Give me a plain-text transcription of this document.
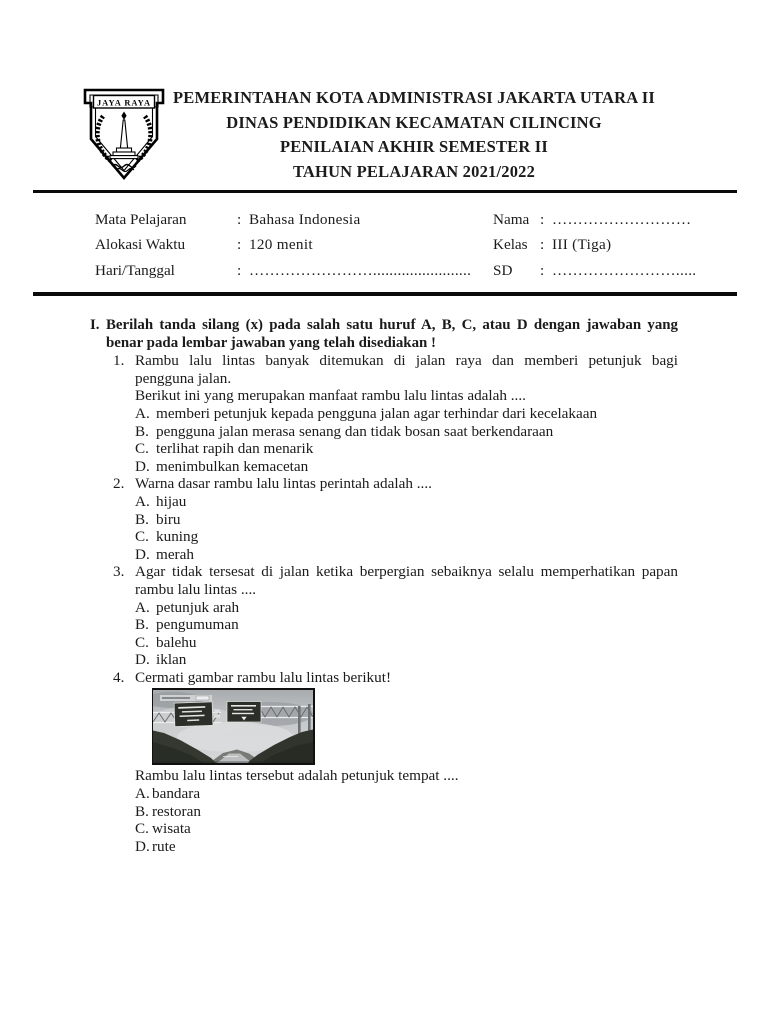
JAYA RAYA	PEMERINTAHAN KOTA ADMINISTRASI JAKARTA UTARA II
DINAS PENDIDIKAN KECAMATAN CILINCING
PENILAIAN AKHIR SEMESTER II
TAHUN PELAJARAN 2021/2022
Mata Pelajaran	: Bahasa Indonesia
Alokasi Waktu	: 120 menit
Hari/Tanggal	: ……………………........................
Nama : ………………………
Kelas : III (Tiga)
SD	: …………………….....
I. Berilah tanda silang (x) pada salah satu huruf A, B, C, atau D dengan jawaban yang
benar pada lembar jawaban yang telah disediakan !
1. Rambu lalu lintas banyak ditemukan di jalan raya dan memberi petunjuk bagi
pengguna jalan.
Berikut ini yang merupakan manfaat rambu lalu lintas adalah ....
A. memberi petunjuk kepada pengguna jalan agar terhindar dari kecelakaan
B. pengguna jalan merasa senang dan tidak bosan saat berkendaraan
C. terlihat rapih dan menarik
D. menimbulkan kemacetan
2. Warna dasar rambu lalu lintas perintah adalah ....
A. hijau
B. biru
C. kuning
D. merah
3. Agar tidak tersesat di jalan ketika berpergian sebaiknya selalu memperhatikan papan
rambu lalu lintas ....
A. petunjuk arah
B. pengumuman
C. balehu
D. iklan
4. Cermati gambar rambu lalu lintas berikut!
Rambu lalu lintas tersebut adalah petunjuk tempat ....
A. bandara
B. restoran
C. wisata
D. rute
